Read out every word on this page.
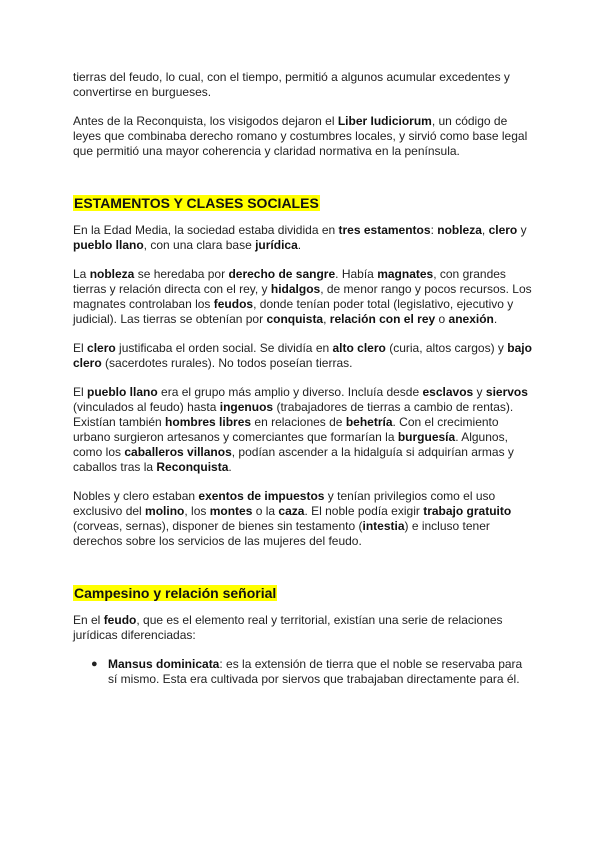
tierras del feudo, lo cual, con el tiempo, permitió a algunos acumular excedentes y convertirse en burgueses.

Antes de la Reconquista, los visigodos dejaron el Liber Iudiciorum, un código de leyes que combinaba derecho romano y costumbres locales, y sirvió como base legal que permitió una mayor coherencia y claridad normativa en la península.

ESTAMENTOS Y CLASES SOCIALES

En la Edad Media, la sociedad estaba dividida en tres estamentos: nobleza, clero y pueblo llano, con una clara base jurídica.

La nobleza se heredaba por derecho de sangre. Había magnates, con grandes tierras y relación directa con el rey, y hidalgos, de menor rango y pocos recursos. Los magnates controlaban los feudos, donde tenían poder total (legislativo, ejecutivo y judicial). Las tierras se obtenían por conquista, relación con el rey o anexión.

El clero justificaba el orden social. Se dividía en alto clero (curia, altos cargos) y bajo clero (sacerdotes rurales). No todos poseían tierras.

El pueblo llano era el grupo más amplio y diverso. Incluía desde esclavos y siervos (vinculados al feudo) hasta ingenuos (trabajadores de tierras a cambio de rentas). Existían también hombres libres en relaciones de behetría. Con el crecimiento urbano surgieron artesanos y comerciantes que formarían la burguesía. Algunos, como los caballeros villanos, podían ascender a la hidalguía si adquirían armas y caballos tras la Reconquista.

Nobles y clero estaban exentos de impuestos y tenían privilegios como el uso exclusivo del molino, los montes o la caza. El noble podía exigir trabajo gratuito (corveas, sernas), disponer de bienes sin testamento (intestia) e incluso tener derechos sobre los servicios de las mujeres del feudo.

Campesino y relación señorial

En el feudo, que es el elemento real y territorial, existían una serie de relaciones jurídicas diferenciadas:

● Mansus dominicata: es la extensión de tierra que el noble se reservaba para sí mismo. Esta era cultivada por siervos que trabajaban directamente para él.
